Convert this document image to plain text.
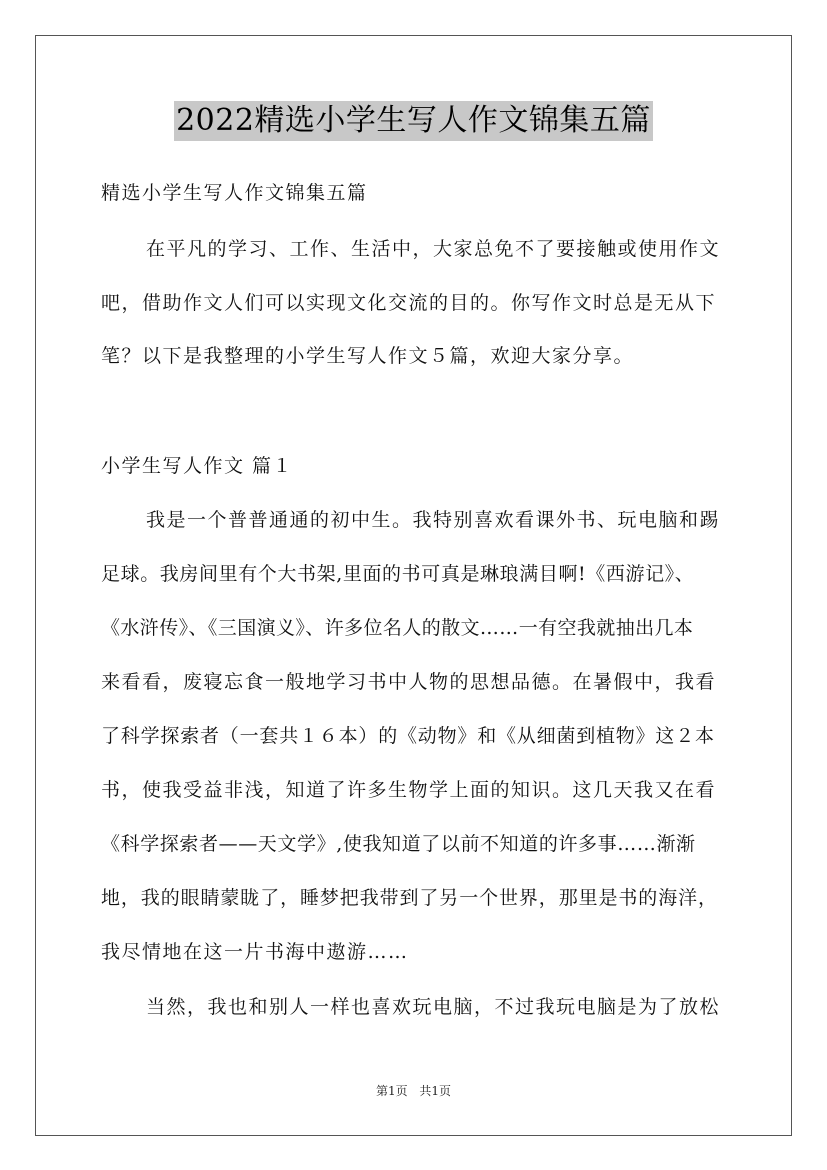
2022精选小学生写人作文锦集五篇
精选小学生写人作文锦集五篇
在平凡的学习、工作、生活中，大家总免不了要接触或使用作文
吧，借助作文人们可以实现文化交流的目的。你写作文时总是无从下
笔？以下是我整理的小学生写人作文５篇，欢迎大家分享。
小学生写人作文 篇１
我是一个普普通通的初中生。我特别喜欢看课外书、玩电脑和踢
足球。我房间里有个大书架,里面的书可真是琳琅满目啊!《西游记》、
《水浒传》、《三国演义》、许多位名人的散文……一有空我就抽出几本
来看看，废寝忘食一般地学习书中人物的思想品德。在暑假中，我看
了科学探索者（一套共１６本）的《动物》和《从细菌到植物》这２本
书，使我受益非浅，知道了许多生物学上面的知识。这几天我又在看
《科学探索者——天文学》,使我知道了以前不知道的许多事……渐渐
地，我的眼睛蒙眬了，睡梦把我带到了另一个世界，那里是书的海洋，
我尽情地在这一片书海中遨游……
当然，我也和别人一样也喜欢玩电脑，不过我玩电脑是为了放松
第1页 共1页
